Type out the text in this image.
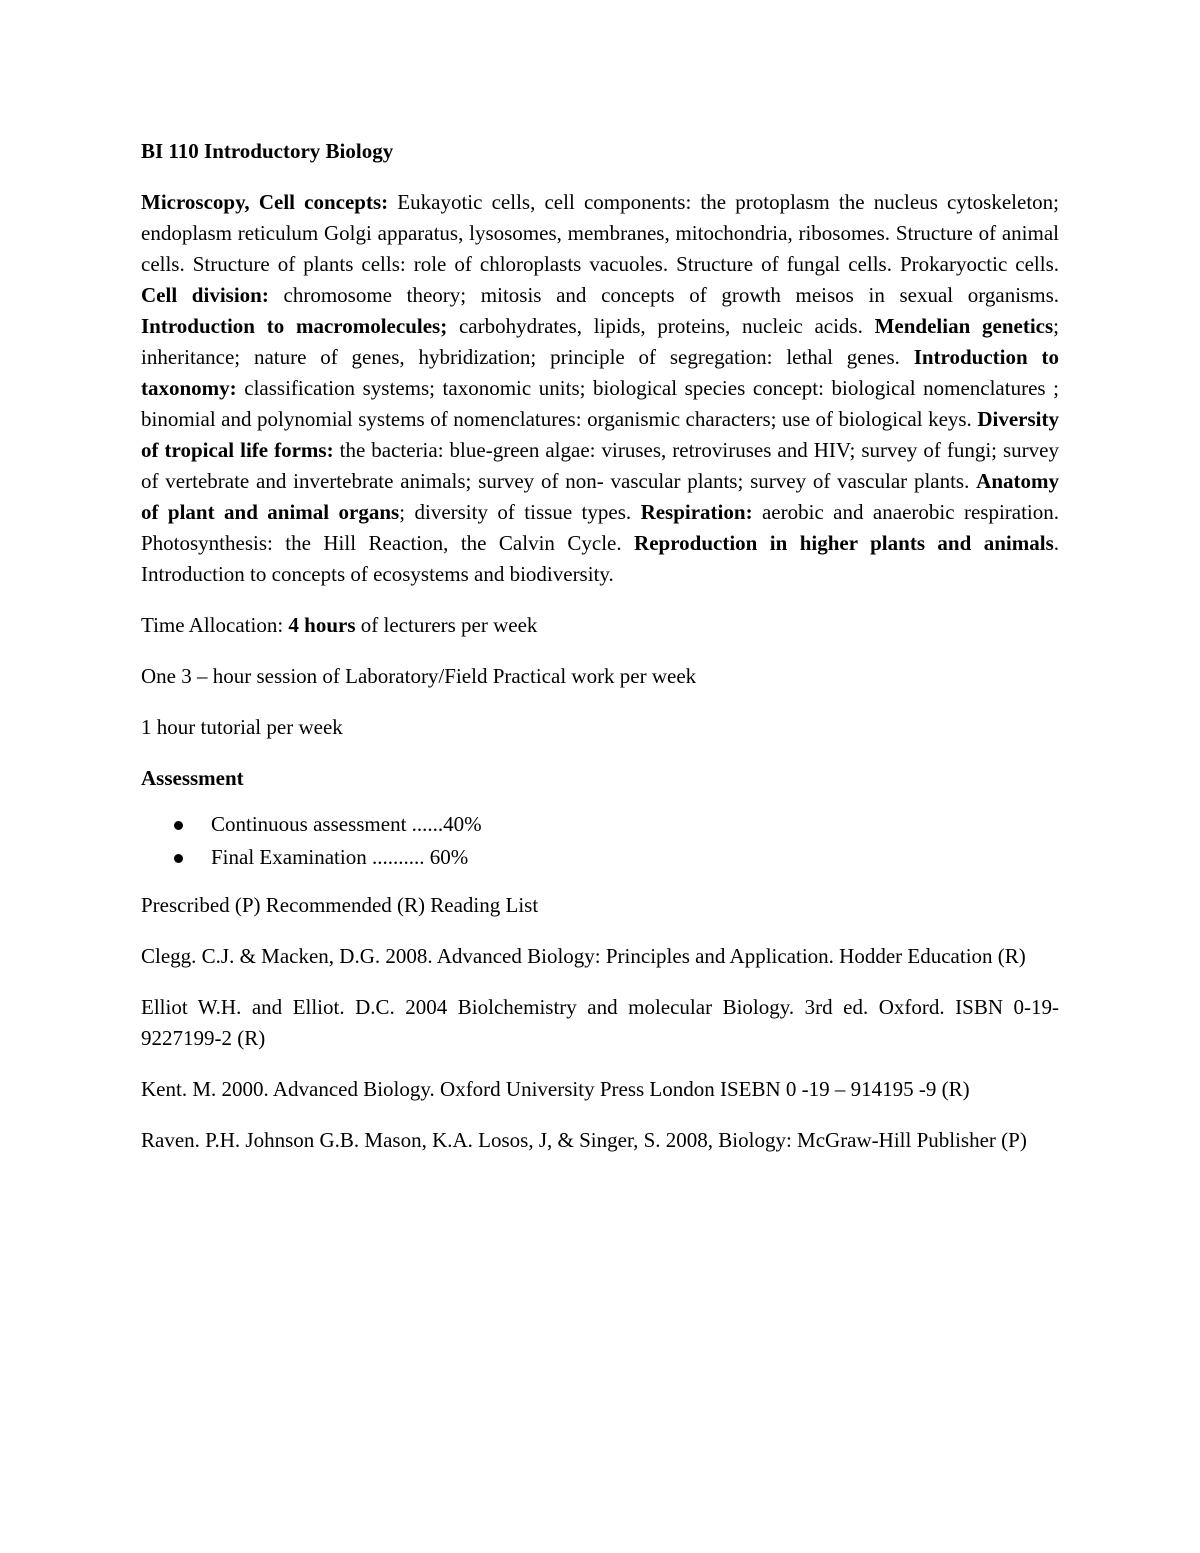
BI 110 Introductory Biology

Microscopy, Cell concepts: Eukayotic cells, cell components: the protoplasm the nucleus cytoskeleton; endoplasm reticulum Golgi apparatus, lysosomes, membranes, mitochondria, ribosomes. Structure of animal cells. Structure of plants cells: role of chloroplasts vacuoles. Structure of fungal cells. Prokaryoctic cells. Cell division: chromosome theory; mitosis and concepts of growth meisos in sexual organisms. Introduction to macromolecules; carbohydrates, lipids, proteins, nucleic acids. Mendelian genetics; inheritance; nature of genes, hybridization; principle of segregation: lethal genes. Introduction to taxonomy: classification systems; taxonomic units; biological species concept: biological nomenclatures ; binomial and polynomial systems of nomenclatures: organismic characters; use of biological keys. Diversity of tropical life forms: the bacteria: blue-green algae: viruses, retroviruses and HIV; survey of fungi; survey of vertebrate and invertebrate animals; survey of non- vascular plants; survey of vascular plants. Anatomy of plant and animal organs; diversity of tissue types. Respiration: aerobic and anaerobic respiration. Photosynthesis: the Hill Reaction, the Calvin Cycle. Reproduction in higher plants and animals. Introduction to concepts of ecosystems and biodiversity.

Time Allocation: 4 hours of lecturers per week

One 3 – hour session of Laboratory/Field Practical work per week

1 hour tutorial per week

Assessment

Continuous assessment ......40%
Final Examination .......... 60%

Prescribed (P) Recommended (R) Reading List

Clegg. C.J. & Macken, D.G. 2008. Advanced Biology: Principles and Application. Hodder Education (R)

Elliot W.H. and Elliot. D.C. 2004 Biolchemistry and molecular Biology. 3rd ed. Oxford. ISBN 0-19-9227199-2 (R)

Kent. M. 2000. Advanced Biology. Oxford University Press London ISEBN 0 -19 – 914195 -9 (R)

Raven. P.H. Johnson G.B. Mason, K.A. Losos, J, & Singer, S. 2008, Biology: McGraw-Hill Publisher (P)
